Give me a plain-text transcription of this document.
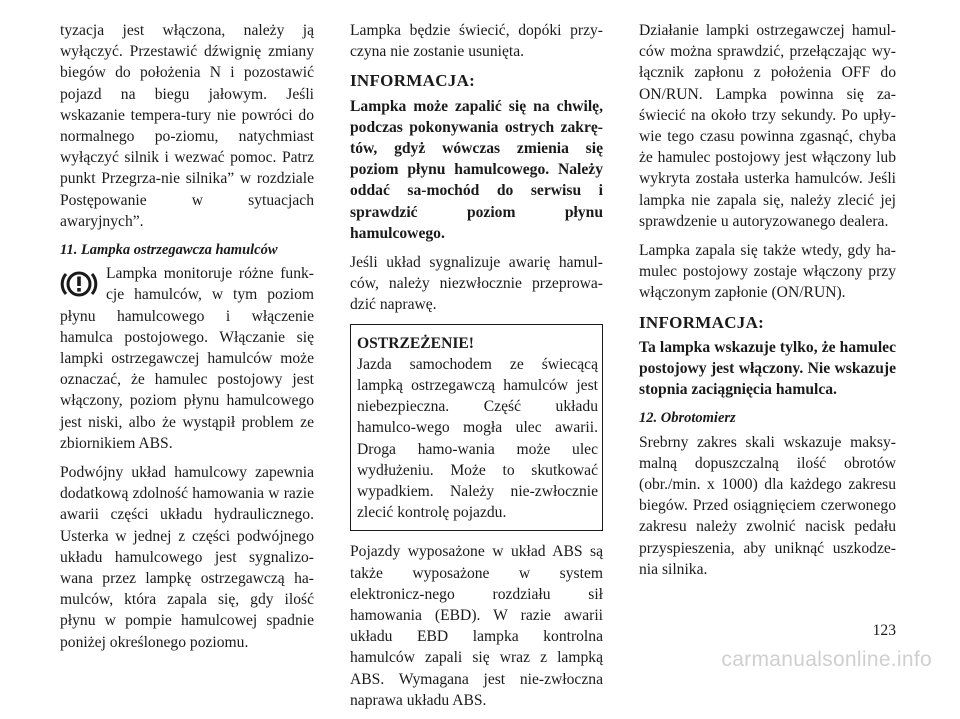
tyzacja jest włączona, należy ją wyłączyć. Przestawić dźwignię zmiany biegów do położenia N i pozostawić pojazd na biegu jałowym. Jeśli wskazanie tempera-tury nie powróci do normalnego po-ziomu, natychmiast wyłączyć silnik i wezwać pomoc. Patrz punkt Przegrza-nie silnika” w rozdziale Postępowanie w sytuacjach awaryjnych”.

11. Lampka ostrzegawcza hamulców

Lampka monitoruje różne funk-cje hamulców, w tym poziom płynu hamulcowego i włączenie hamulca postojowego. Włączanie się lampki ostrzegawczej hamulców może oznaczać, że hamulec postojowy jest włączony, poziom płynu hamulcowego jest niski, albo że wystąpił problem ze zbiornikiem ABS.

Podwójny układ hamulcowy zapewnia dodatkową zdolność hamowania w razie awarii części układu hydraulicznego. Usterka w jednej z części podwójnego układu hamulcowego jest sygnalizo-wana przez lampkę ostrzegawczą ha-mulców, która zapala się, gdy ilość płynu w pompie hamulcowej spadnie poniżej określonego poziomu.

Lampka będzie świecić, dopóki przy-czyna nie zostanie usunięta.

INFORMACJA:

Lampka może zapalić się na chwilę, podczas pokonywania ostrych zakrę-tów, gdyż wówczas zmienia się poziom płynu hamulcowego. Należy oddać sa-mochód do serwisu i sprawdzić poziom płynu hamulcowego.

Jeśli układ sygnalizuje awarię hamul-ców, należy niezwłocznie przeprowa-dzić naprawę.

OSTRZEŻENIE!

Jazda samochodem ze świecącą lampką ostrzegawczą hamulców jest niebezpieczna. Część układu hamulco-wego mogła ulec awarii. Droga hamo-wania może ulec wydłużeniu. Może to skutkować wypadkiem. Należy nie-zwłocznie zlecić kontrolę pojazdu.

Pojazdy wyposażone w układ ABS są także wyposażone w system elektronicz-nego rozdziału sił hamowania (EBD). W razie awarii układu EBD lampka kontrolna hamulców zapali się wraz z lampką ABS. Wymagana jest nie-zwłoczna naprawa układu ABS.

Działanie lampki ostrzegawczej hamul-ców można sprawdzić, przełączając wy-łącznik zapłonu z położenia OFF do ON/RUN. Lampka powinna się za-świecić na około trzy sekundy. Po upły-wie tego czasu powinna zgasnąć, chyba że hamulec postojowy jest włączony lub wykryta została usterka hamulców. Jeśli lampka nie zapala się, należy zlecić jej sprawdzenie u autoryzowanego dealera.

Lampka zapala się także wtedy, gdy ha-mulec postojowy zostaje włączony przy włączonym zapłonie (ON/RUN).

INFORMACJA:

Ta lampka wskazuje tylko, że hamulec postojowy jest włączony. Nie wskazuje stopnia zaciągnięcia hamulca.

12. Obrotomierz

Srebrny zakres skali wskazuje maksy-malną dopuszczalną ilość obrotów (obr./min. x 1000) dla każdego zakresu biegów. Przed osiągnięciem czerwonego zakresu należy zwolnić nacisk pedału przyspieszenia, aby uniknąć uszkodze-nia silnika.

123
carmanualsonline.info
